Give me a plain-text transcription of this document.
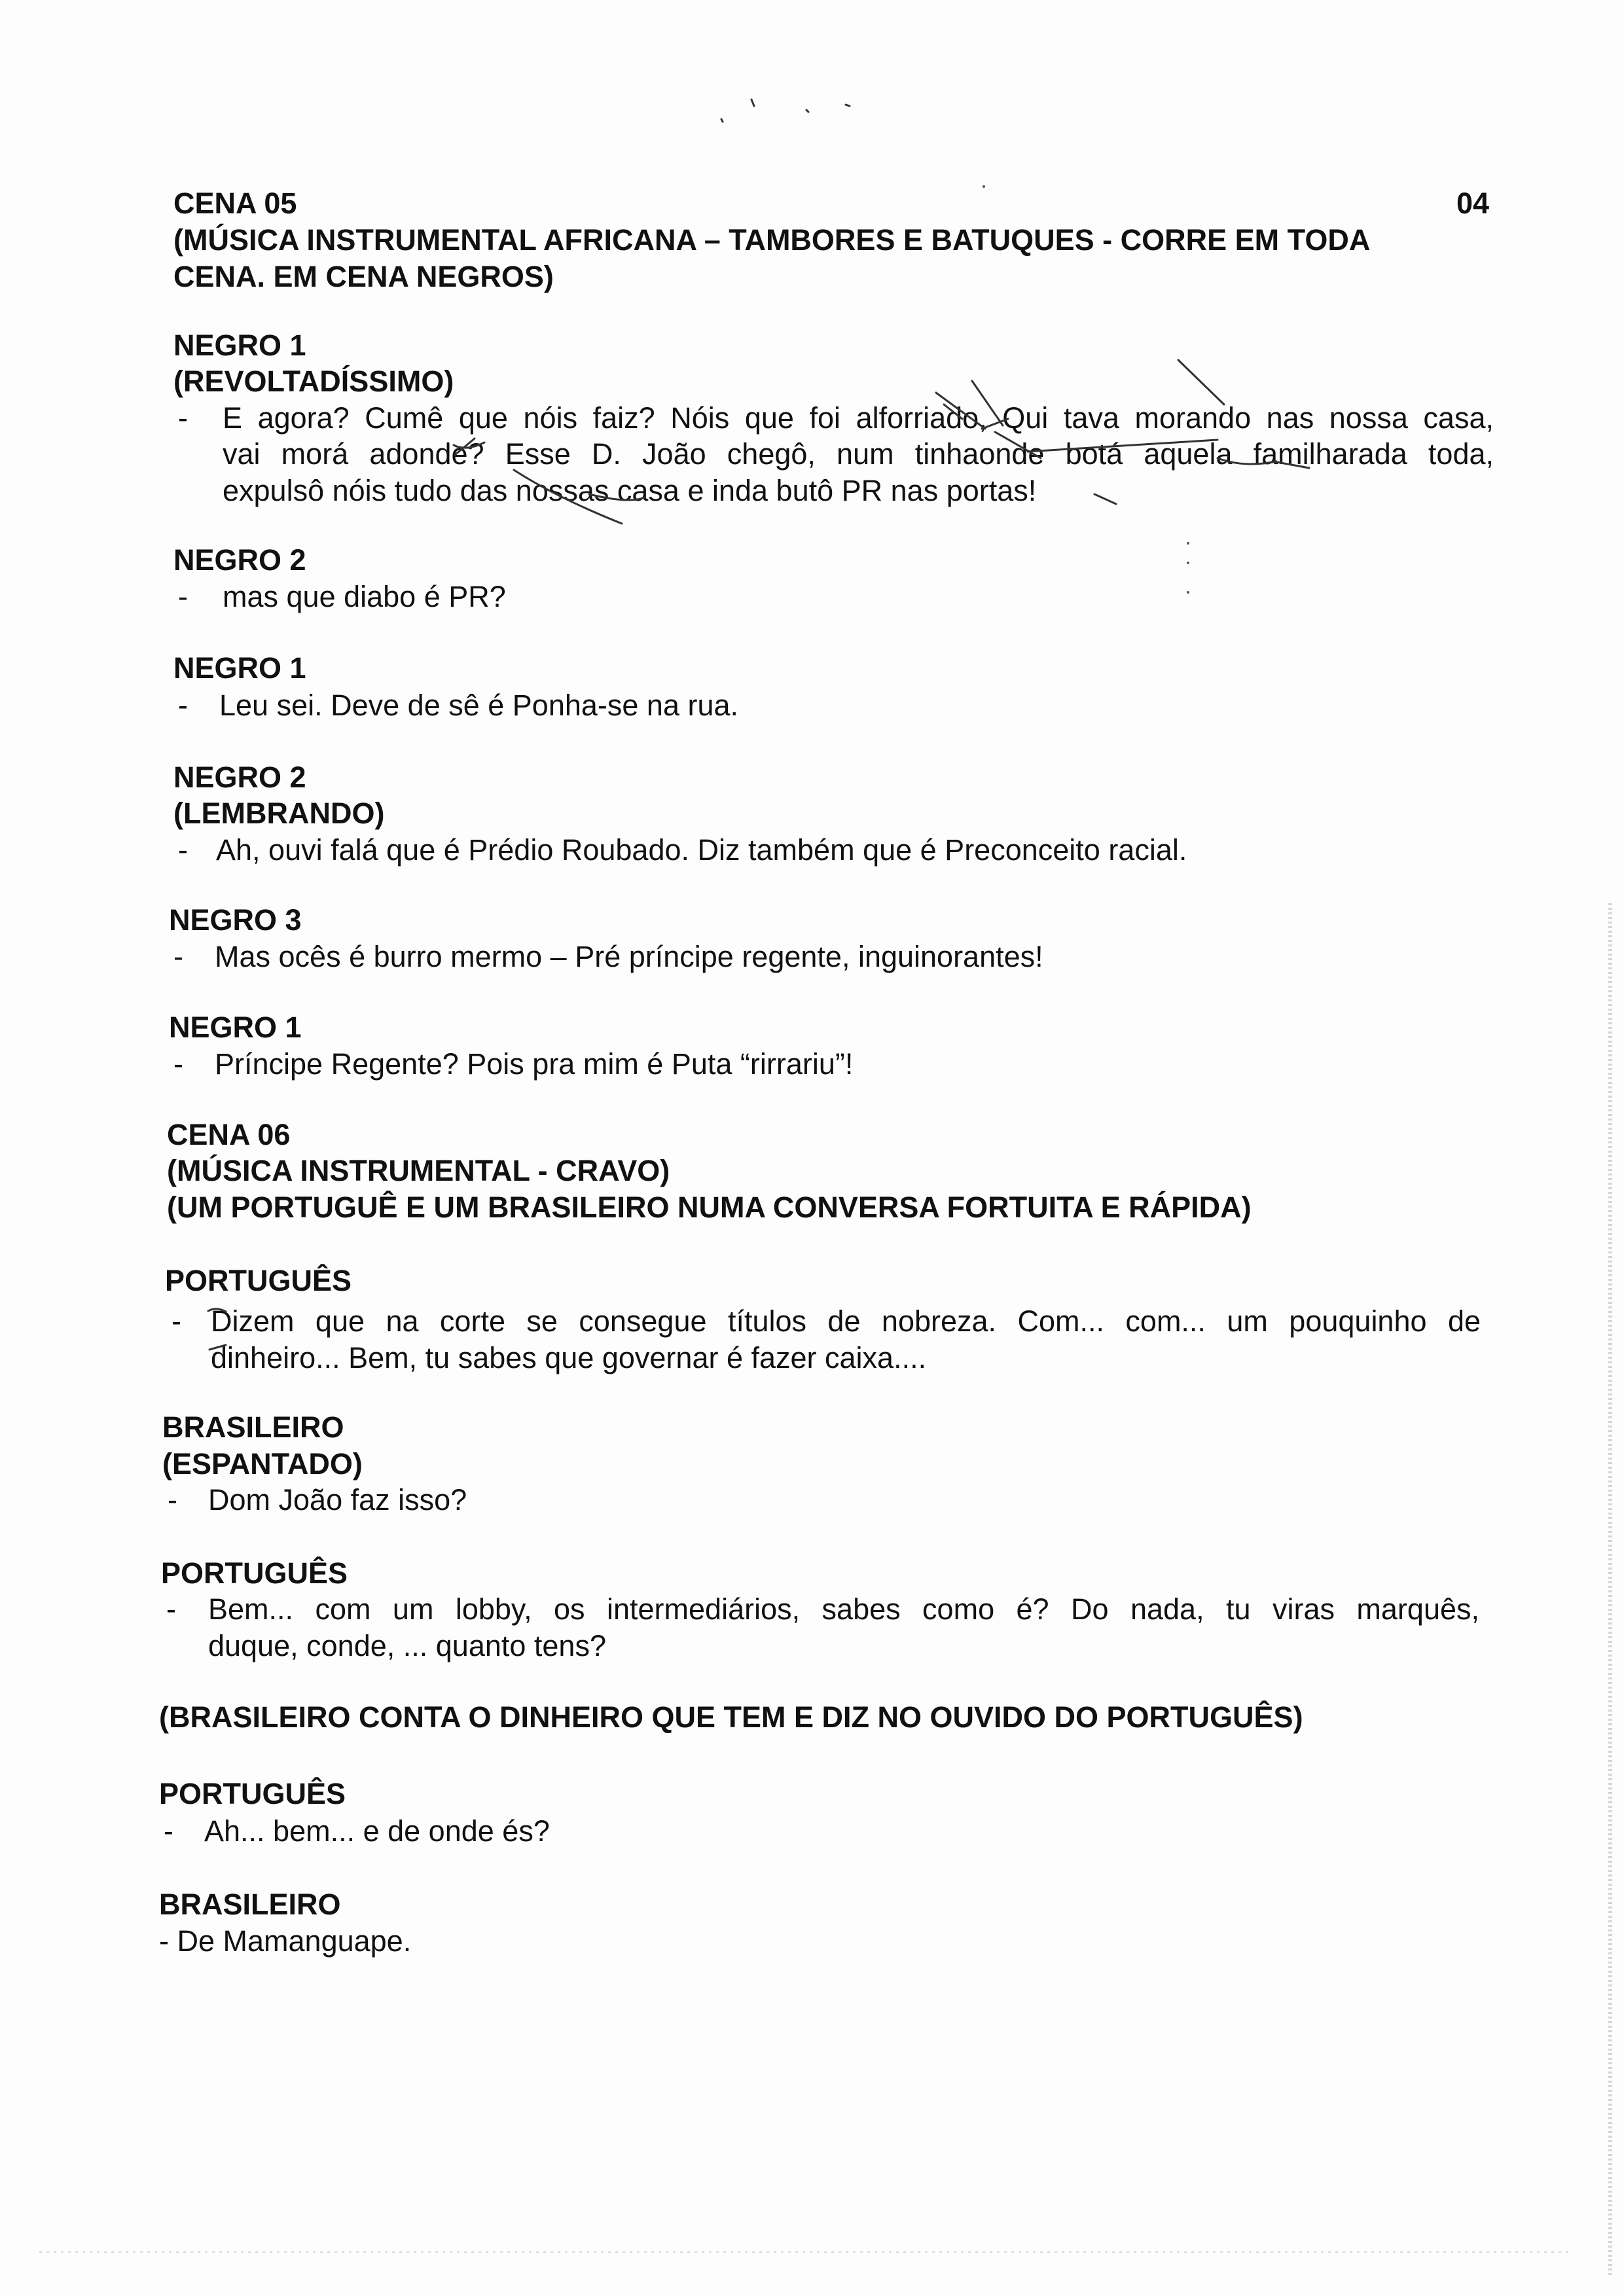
04
CENA 05
(MÚSICA INSTRUMENTAL AFRICANA – TAMBORES E BATUQUES - CORRE EM TODA
CENA. EM CENA NEGROS)
NEGRO 1
(REVOLTADÍSSIMO)
- E agora? Cumê que nóis faiz? Nóis que foi alforriado, Qui tava morando nas nossa casa,
vai morá adonde? Esse D. João chegô, num tinhaonde botá aquela familharada toda,
expulsô nóis tudo das nossas casa e inda butô PR nas portas!
NEGRO 2
- mas que diabo é PR?
NEGRO 1
- Leu sei. Deve de sê é Ponha-se na rua.
NEGRO 2
(LEMBRANDO)
- Ah, ouvi falá que é Prédio Roubado. Diz também que é Preconceito racial.
NEGRO 3
- Mas ocês é burro mermo – Pré príncipe regente, inguinorantes!
NEGRO 1
- Príncipe Regente? Pois pra mim é Puta “rirrariu”!
CENA 06
(MÚSICA INSTRUMENTAL - CRAVO)
(UM PORTUGUÊ E UM BRASILEIRO NUMA CONVERSA FORTUITA E RÁPIDA)
PORTUGUÊS
- Dizem que na corte se consegue títulos de nobreza. Com... com... um pouquinho de
dinheiro... Bem, tu sabes que governar é fazer caixa....
BRASILEIRO
(ESPANTADO)
- Dom João faz isso?
PORTUGUÊS
- Bem... com um lobby, os intermediários, sabes como é? Do nada, tu viras marquês,
duque, conde, ... quanto tens?
(BRASILEIRO CONTA O DINHEIRO QUE TEM E DIZ NO OUVIDO DO PORTUGUÊS)
PORTUGUÊS
- Ah... bem... e de onde és?
BRASILEIRO
- De Mamanguape.
